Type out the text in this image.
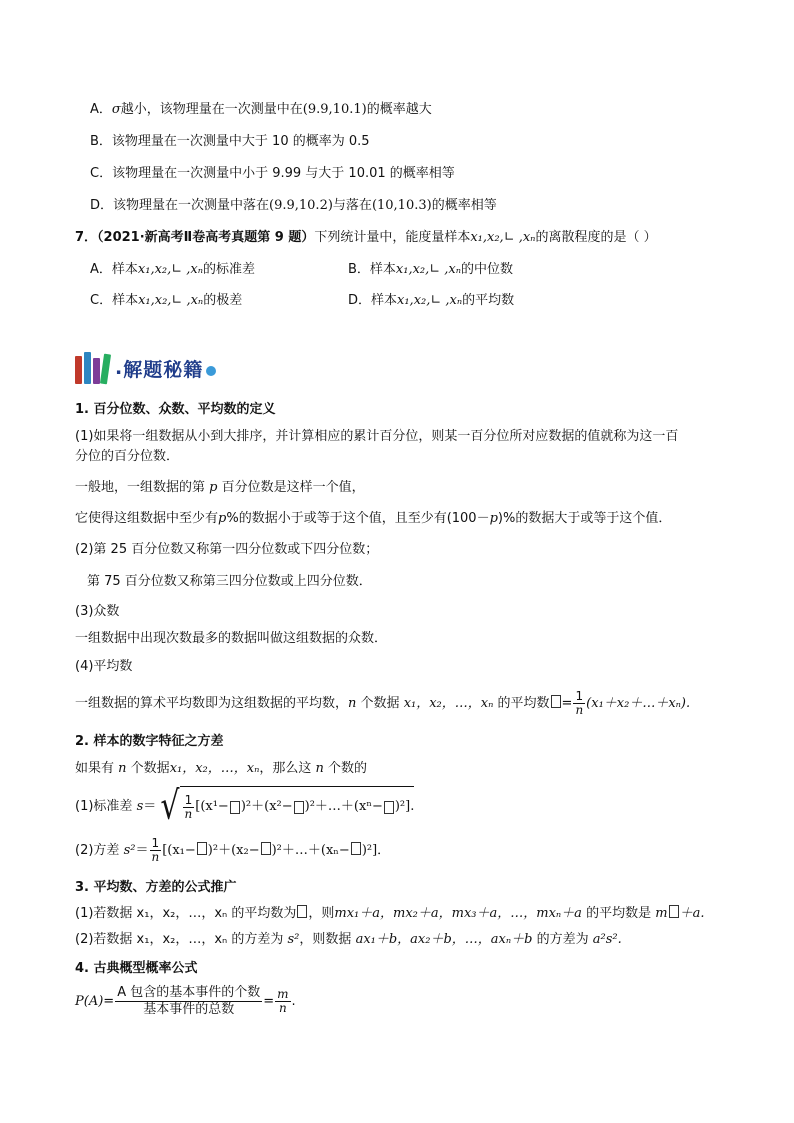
A．σ越小，该物理量在一次测量中在(9.9,10.1)的概率越大
B．该物理量在一次测量中大于 10 的概率为 0.5
C．该物理量在一次测量中小于 9.99 与大于 10.01 的概率相等
D．该物理量在一次测量中落在(9.9,10.2)与落在(10,10.3)的概率相等
7．（2021·新高考Ⅱ卷高考真题第 9 题）下列统计量中，能度量样本x₁,x₂,∟ ,xₙ的离散程度的是（ ）
A．样本x₁,x₂,∟ ,xₙ的标准差	B．样本x₁,x₂,∟ ,xₙ的中位数
C．样本x₁,x₂,∟ ,xₙ的极差	D．样本x₁,x₂,∟ ,xₙ的平均数
. 解题秘籍
1. 百分位数、众数、平均数的定义
(1)如果将一组数据从小到大排序，并计算相应的累计百分位，则某一百分位所对应数据的值就称为这一百
分位的百分位数．
一般地，一组数据的第 p 百分位数是这样一个值，
它使得这组数据中至少有p%的数据小于或等于这个值，且至少有(100－p)%的数据大于或等于这个值．
(2)第 25 百分位数又称第一四分位数或下四分位数；
第 75 百分位数又称第三四分位数或上四分位数．
(3)众数
一组数据中出现次数最多的数据叫做这组数据的众数．
(4)平均数
一组数据的算术平均数即为这组数据的平均数，n 个数据 x₁，x₂，…，xₙ 的平均数 = $\frac{1}{n}$ (x₁＋x₂＋…＋xₙ).
2. 样本的数字特征之方差
如果有 n 个数据x₁，x₂，…，xₙ，那么这 n 个数的
(1)标准差 s＝ √ $\frac{1}{n} [(x^1- )^2+(x^2-$ )²＋…＋(xⁿ− )²].
(2)方差 $s^2= \frac{1}{n} [(x_1- )^2+(x_2-$ )²＋…＋(xₙ− )²]．
3. 平均数、方差的公式推广
(1)若数据 x₁，x₂，…，xₙ 的平均数为 ，则mx₁＋a，mx₂＋a，mx₃＋a，…，mxₙ＋a 的平均数是 m ＋a.
(2)若数据 x₁，x₂，…，xₙ 的方差为 s²，则数据 ax₁＋b，ax₂＋b，…，axₙ＋b 的方差为 a²s².
4. 古典概型概率公式
$P(A)= \frac{\text{A 包含的基本事件的个数}}{\text{基本事件的总数}} = \frac{m}{n}$ .
